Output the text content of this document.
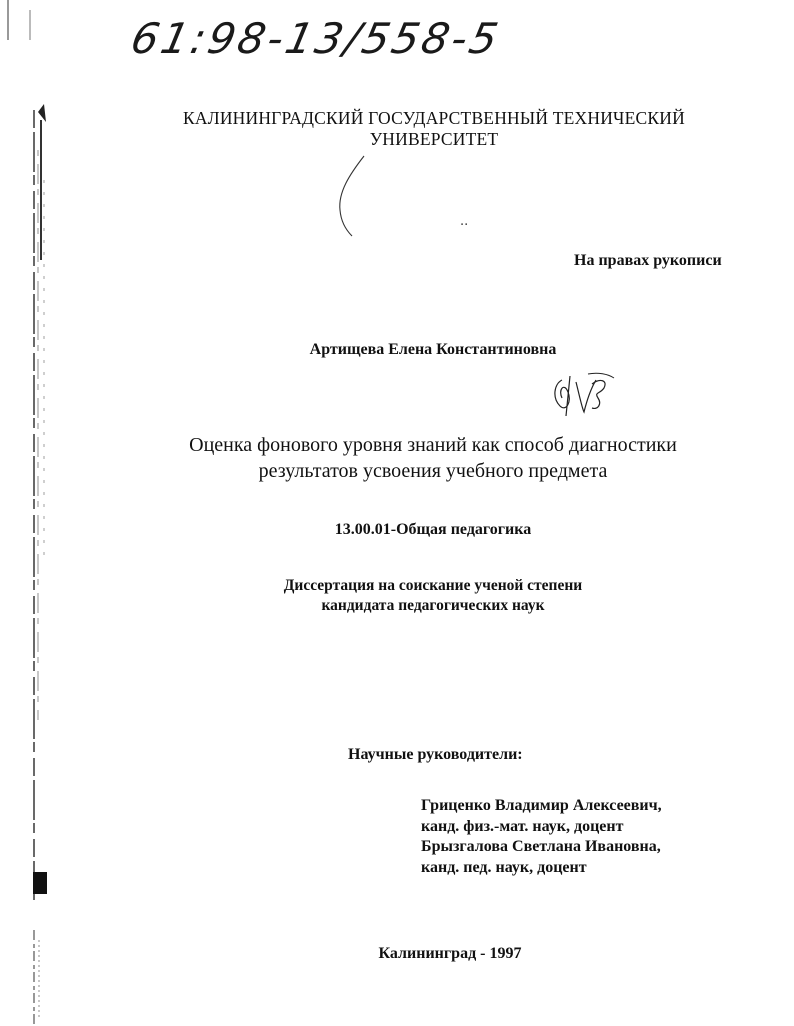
61:98-13/558-5
КАЛИНИНГРАДСКИЙ ГОСУДАРСТВЕННЫЙ ТЕХНИЧЕСКИЙ
УНИВЕРСИТЕТ
..
На правах рукописи
Артищева Елена Константиновна
Оценка фонового уровня знаний как способ диагностики
результатов усвоения учебного предмета
13.00.01-Общая педагогика
Диссертация на соискание ученой степени
кандидата педагогических наук
Научные руководители:
Гриценко Владимир Алексеевич,
канд. физ.-мат. наук, доцент
Брызгалова Светлана Ивановна,
канд. пед. наук, доцент
Калининград - 1997
